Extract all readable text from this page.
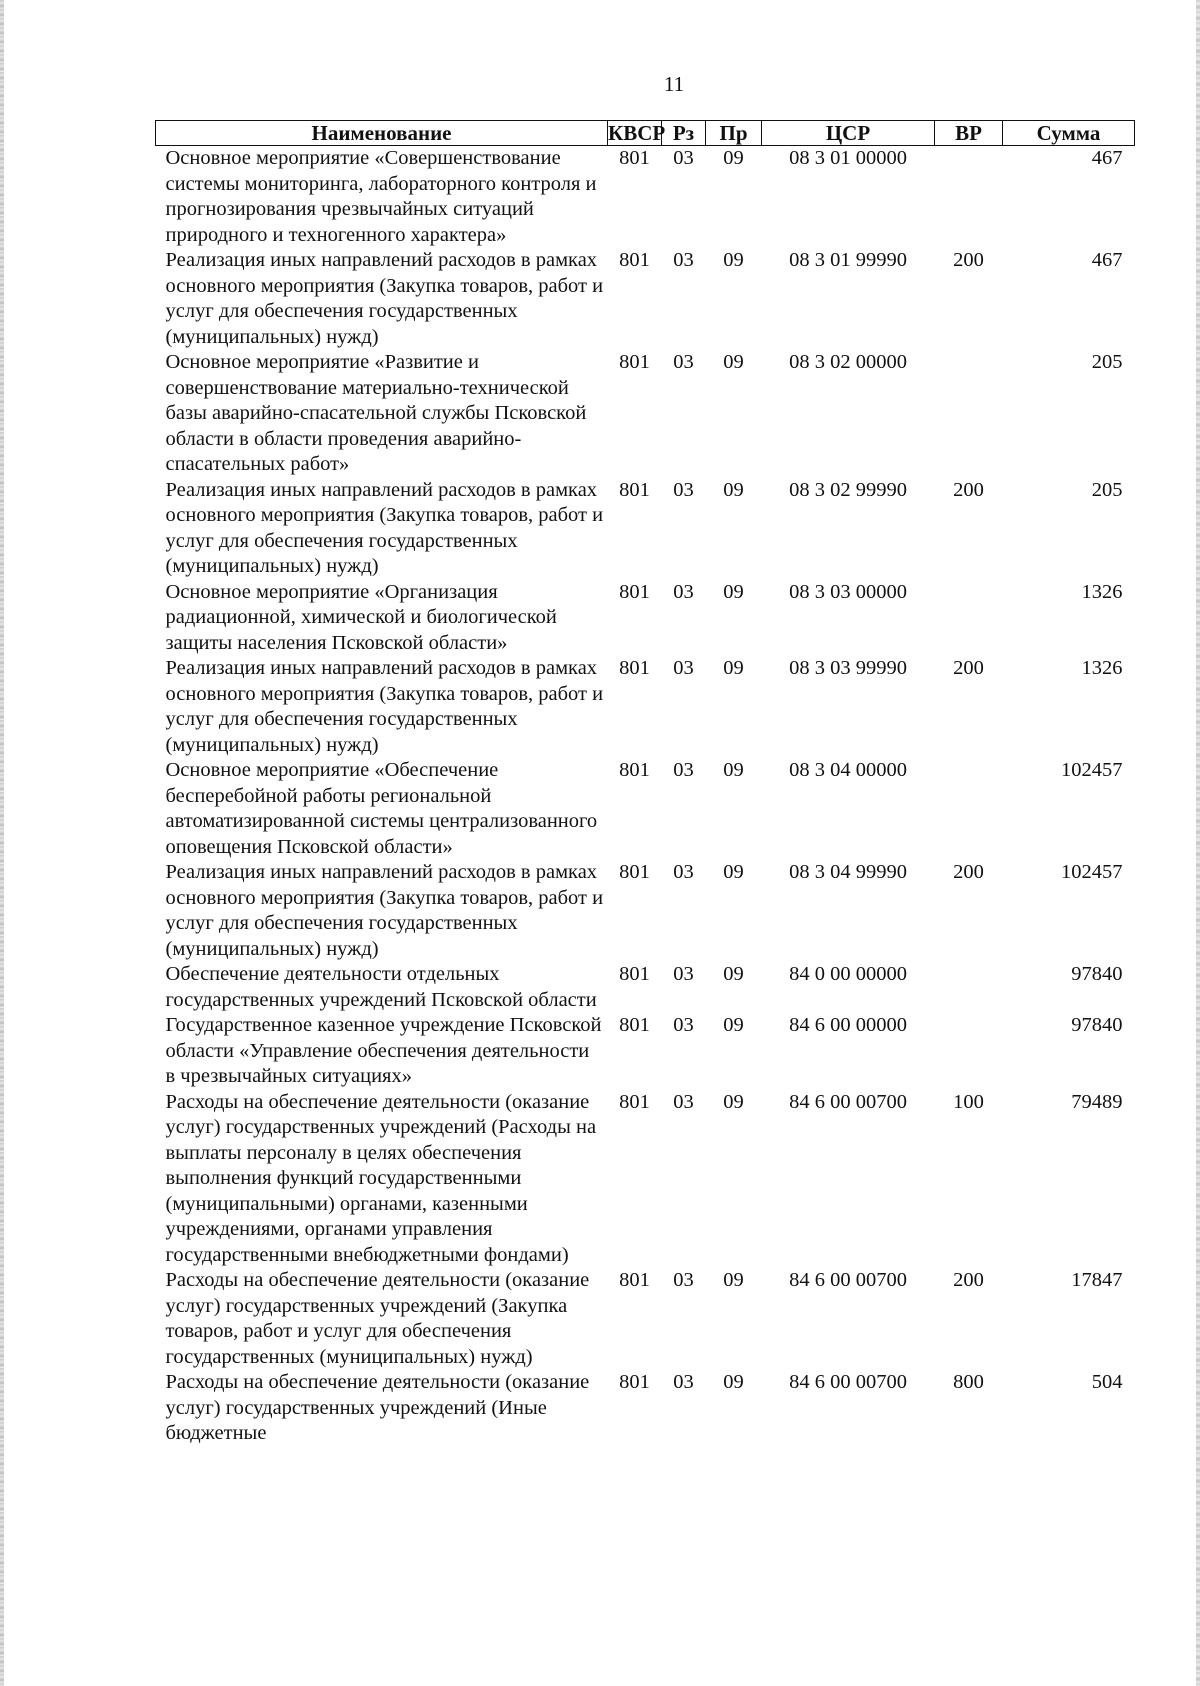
11
Наименование	КВСР	Рз	Пр	ЦСР	ВР	Сумма
Основное мероприятие «Совершенствование системы мониторинга, лабораторного контроля и прогнозирования чрезвычайных ситуаций природного и техногенного характера»	801	03	09	08 3 01 00000		467
Реализация иных направлений расходов в рамках основного мероприятия (Закупка товаров, работ и услуг для обеспечения государственных (муниципальных) нужд)	801	03	09	08 3 01 99990	200	467
Основное мероприятие «Развитие и совершенствование материально-технической базы аварийно-спасательной службы Псковской области в области проведения аварийно-спасательных работ»	801	03	09	08 3 02 00000		205
Реализация иных направлений расходов в рамках основного мероприятия (Закупка товаров, работ и услуг для обеспечения государственных (муниципальных) нужд)	801	03	09	08 3 02 99990	200	205
Основное мероприятие «Организация радиационной, химической и биологической защиты населения Псковской области»	801	03	09	08 3 03 00000		1326
Реализация иных направлений расходов в рамках основного мероприятия (Закупка товаров, работ и услуг для обеспечения государственных (муниципальных) нужд)	801	03	09	08 3 03 99990	200	1326
Основное мероприятие «Обеспечение бесперебойной работы региональной автоматизированной системы централизованного оповещения Псковской области»	801	03	09	08 3 04 00000		102457
Реализация иных направлений расходов в рамках основного мероприятия (Закупка товаров, работ и услуг для обеспечения государственных (муниципальных) нужд)	801	03	09	08 3 04 99990	200	102457
Обеспечение деятельности отдельных государственных учреждений Псковской области	801	03	09	84 0 00 00000		97840
Государственное казенное учреждение Псковской области «Управление обеспечения деятельности в чрезвычайных ситуациях»	801	03	09	84 6 00 00000		97840
Расходы на обеспечение деятельности (оказание услуг) государственных учреждений (Расходы на выплаты персоналу в целях обеспечения выполнения функций государственными (муниципальными) органами, казенными учреждениями, органами управления государственными внебюджетными фондами)	801	03	09	84 6 00 00700	100	79489
Расходы на обеспечение деятельности (оказание услуг) государственных учреждений (Закупка товаров, работ и услуг для обеспечения государственных (муниципальных) нужд)	801	03	09	84 6 00 00700	200	17847
Расходы на обеспечение деятельности (оказание услуг) государственных учреждений (Иные бюджетные	801	03	09	84 6 00 00700	800	504
